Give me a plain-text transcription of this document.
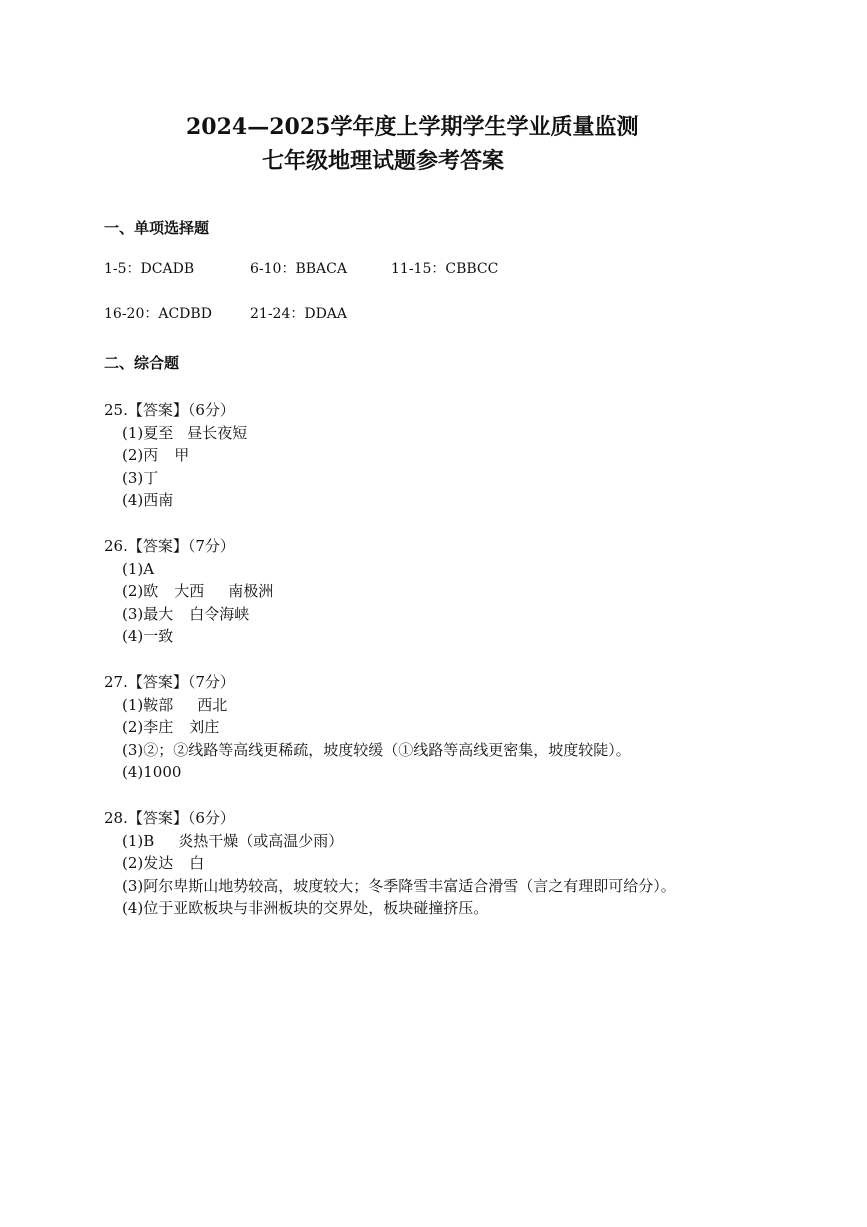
2024—2025学年度上学期学生学业质量监测
七年级地理试题参考答案
一、单项选择题
1-5：DCADB	6-10：BBACA	11-15：CBBCC
16-20：ACDBD	21-24：DDAA
二、综合题
25.【答案】（6分）
(1)夏至 昼长夜短
(2)丙 甲
(3)丁
(4)西南
26.【答案】（7分）
(1)A
(2)欧 大西 南极洲
(3)最大 白令海峡
(4)一致
27.【答案】（7分）
(1)鞍部 西北
(2)李庄 刘庄
(3)②；②线路等高线更稀疏，坡度较缓（①线路等高线更密集，坡度较陡）。
(4)1000
28.【答案】（6分）
(1)B 炎热干燥（或高温少雨）
(2)发达 白
(3)阿尔卑斯山地势较高，坡度较大；冬季降雪丰富适合滑雪（言之有理即可给分）。
(4)位于亚欧板块与非洲板块的交界处，板块碰撞挤压。
